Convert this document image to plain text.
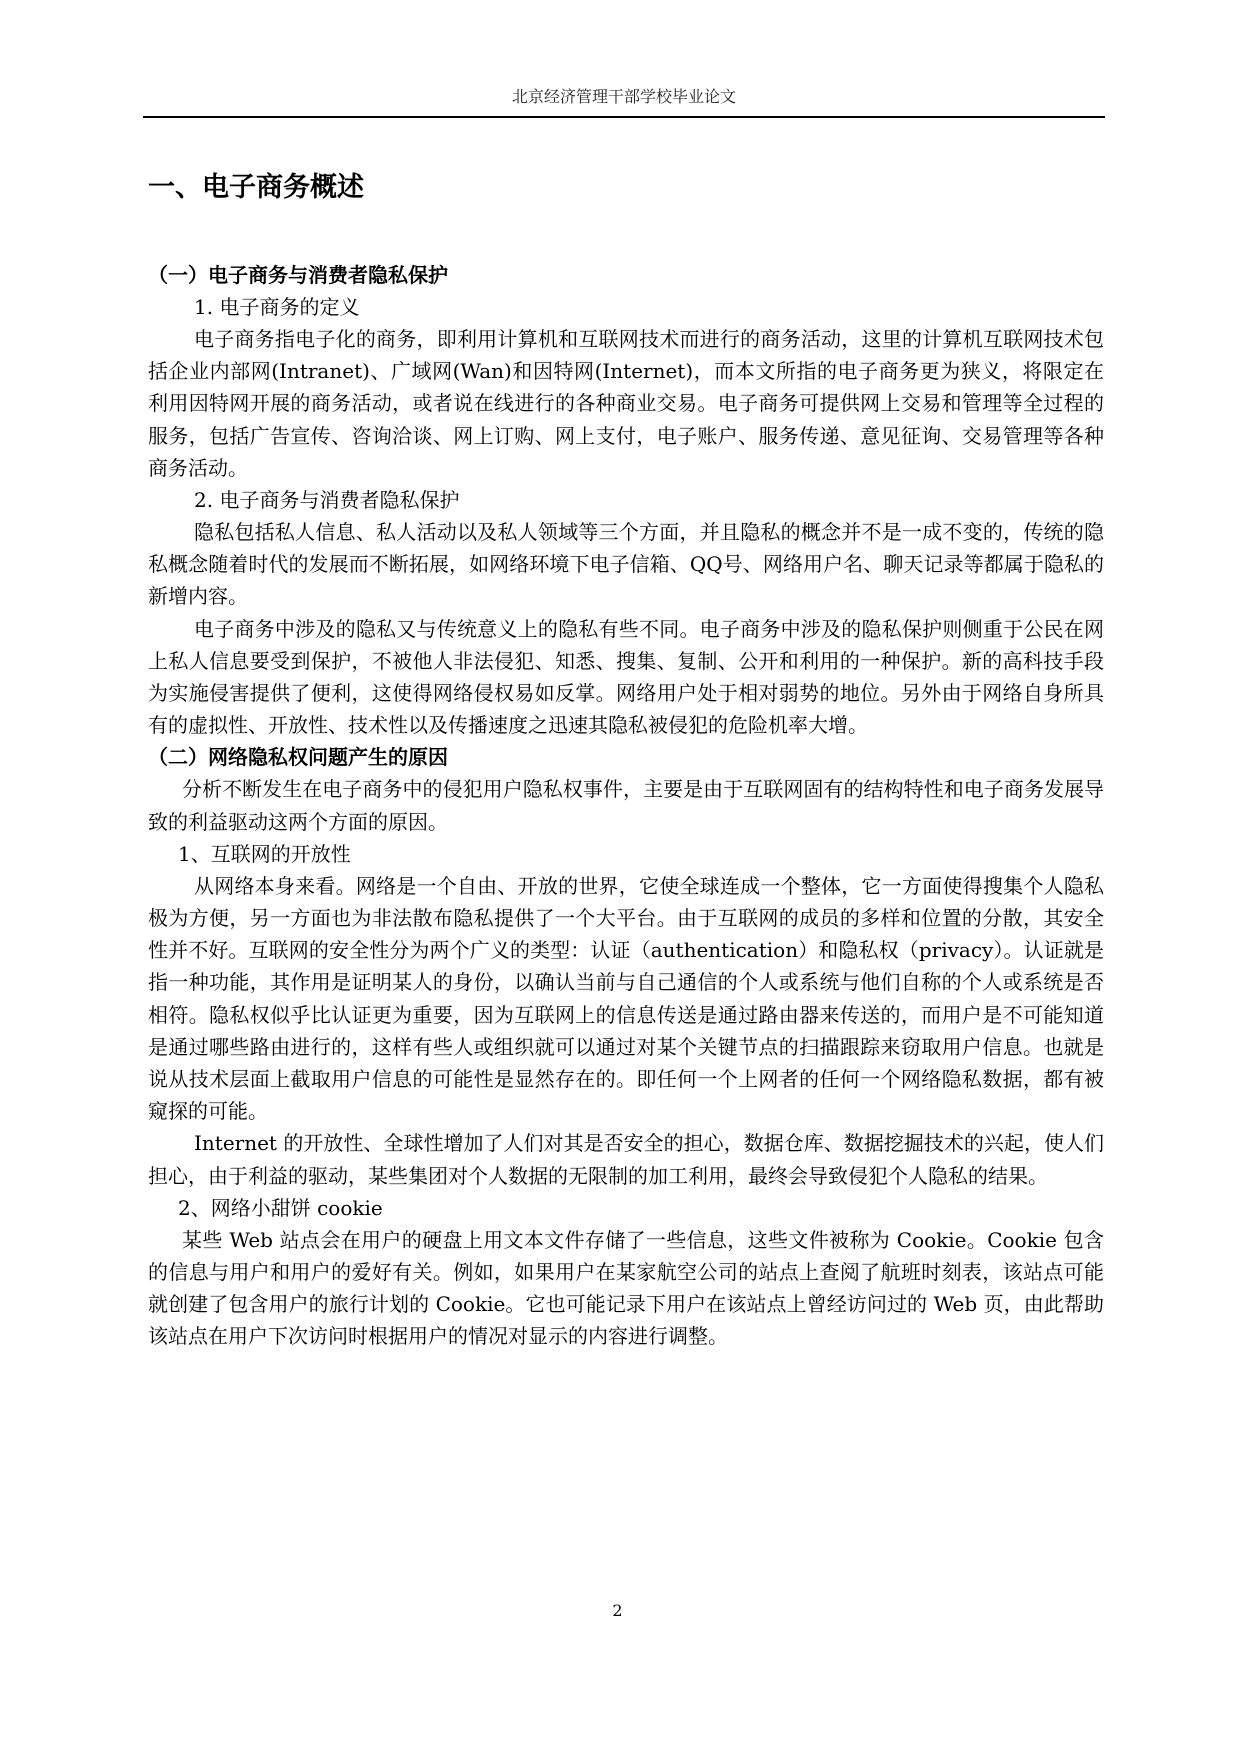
北京经济管理干部学校毕业论文
一、电子商务概述
（一）电子商务与消费者隐私保护
1. 电子商务的定义

电子商务指电子化的商务，即利用计算机和互联网技术而进行的商务活动，这里的计算机互联网技术包括企业内部网(Intranet)、广域网(Wan)和因特网(Internet)，而本文所指的电子商务更为狭义，将限定在利用因特网开展的商务活动，或者说在线进行的各种商业交易。电子商务可提供网上交易和管理等全过程的服务，包括广告宣传、咨询洽谈、网上订购、网上支付，电子账户、服务传递、意见征询、交易管理等各种商务活动。

2. 电子商务与消费者隐私保护

隐私包括私人信息、私人活动以及私人领域等三个方面，并且隐私的概念并不是一成不变的，传统的隐私概念随着时代的发展而不断拓展，如网络环境下电子信箱、QQ号、网络用户名、聊天记录等都属于隐私的新增内容。

电子商务中涉及的隐私又与传统意义上的隐私有些不同。电子商务中涉及的隐私保护则侧重于公民在网上私人信息要受到保护，不被他人非法侵犯、知悉、搜集、复制、公开和利用的一种保护。新的高科技手段为实施侵害提供了便利，这使得网络侵权易如反掌。网络用户处于相对弱势的地位。另外由于网络自身所具有的虚拟性、开放性、技术性以及传播速度之迅速其隐私被侵犯的危险机率大增。

（二）网络隐私权问题产生的原因

分析不断发生在电子商务中的侵犯用户隐私权事件，主要是由于互联网固有的结构特性和电子商务发展导致的利益驱动这两个方面的原因。

1、互联网的开放性

从网络本身来看。网络是一个自由、开放的世界，它使全球连成一个整体，它一方面使得搜集个人隐私极为方便，另一方面也为非法散布隐私提供了一个大平台。由于互联网的成员的多样和位置的分散，其安全性并不好。互联网的安全性分为两个广义的类型：认证（authentication）和隐私权（privacy）。认证就是指一种功能，其作用是证明某人的身份，以确认当前与自己通信的个人或系统与他们自称的个人或系统是否相符。隐私权似乎比认证更为重要，因为互联网上的信息传送是通过路由器来传送的，而用户是不可能知道是通过哪些路由进行的，这样有些人或组织就可以通过对某个关键节点的扫描跟踪来窃取用户信息。也就是说从技术层面上截取用户信息的可能性是显然存在的。即任何一个上网者的任何一个网络隐私数据，都有被窥探的可能。

Internet 的开放性、全球性增加了人们对其是否安全的担心，数据仓库、数据挖掘技术的兴起，使人们担心，由于利益的驱动，某些集团对个人数据的无限制的加工利用，最终会导致侵犯个人隐私的结果。

2、网络小甜饼 cookie

某些 Web 站点会在用户的硬盘上用文本文件存储了一些信息，这些文件被称为 Cookie。Cookie 包含的信息与用户和用户的爱好有关。例如，如果用户在某家航空公司的站点上查阅了航班时刻表，该站点可能就创建了包含用户的旅行计划的 Cookie。它也可能记录下用户在该站点上曾经访问过的 Web 页，由此帮助该站点在用户下次访问时根据用户的情况对显示的内容进行调整。

2
